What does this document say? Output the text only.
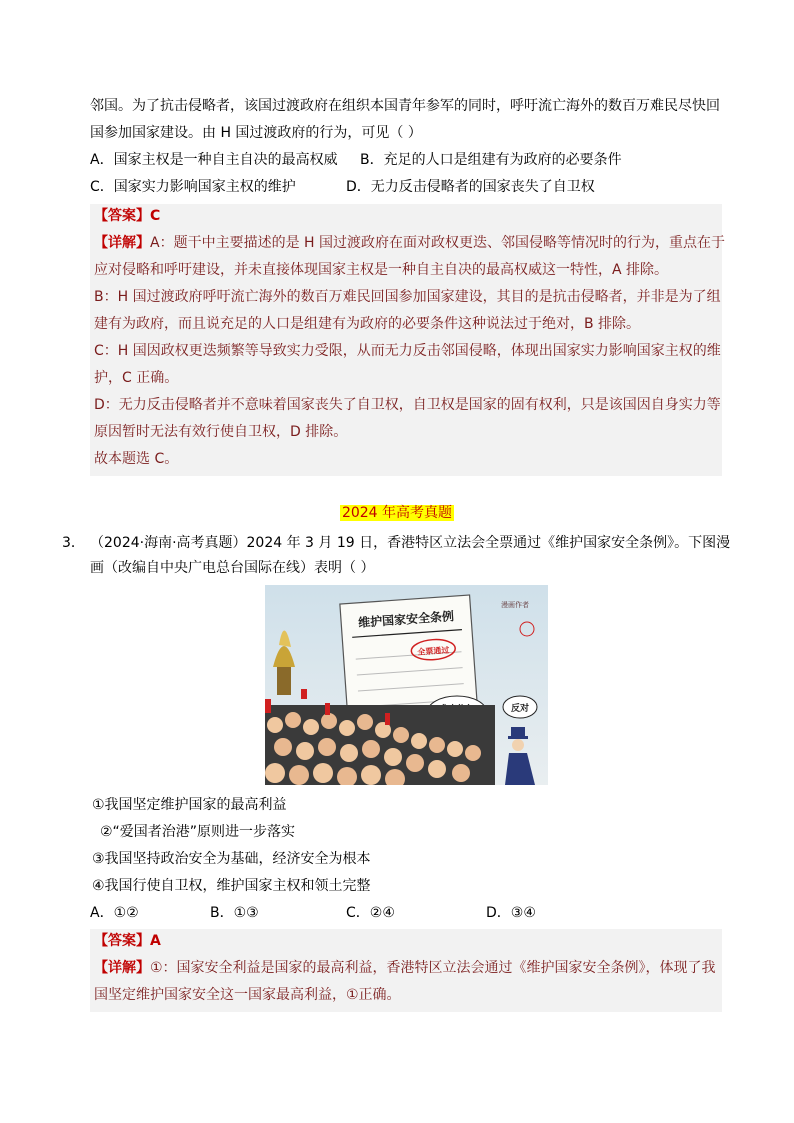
邻国。为了抗击侵略者，该国过渡政府在组织本国青年参军的同时，呼吁流亡海外的数百万难民尽快回
国参加国家建设。由 H 国过渡政府的行为，可见（ ）
A．国家主权是一种自主自决的最高权威 B．充足的人口是组建有为政府的必要条件
C．国家实力影响国家主权的维护	D．无力反击侵略者的国家丧失了自卫权
【答案】C
【详解】A：题干中主要描述的是 H 国过渡政府在面对政权更迭、邻国侵略等情况时的行为，重点在于
应对侵略和呼吁建设，并未直接体现国家主权是一种自主自决的最高权威这一特性，A 排除。
B：H 国过渡政府呼吁流亡海外的数百万难民回国参加国家建设，其目的是抗击侵略者，并非是为了组
建有为政府，而且说充足的人口是组建有为政府的必要条件这种说法过于绝对，B 排除。
C：H 国因政权更迭频繁等导致实力受限，从而无力反击邻国侵略，体现出国家实力影响国家主权的维
护，C 正确。
D：无力反击侵略者并不意味着国家丧失了自卫权，自卫权是国家的固有权利，只是该国因自身实力等
原因暂时无法有效行使自卫权，D 排除。
故本题选 C。
2024 年高考真题
3． （2024·海南·高考真题）2024 年 3 月 19 日，香港特区立法会全票通过《维护国家安全条例》。下图漫
画（改编自中央广电总台国际在线）表明（ ）
维护国家安全条例
全票通过
漫画作者
反对
①我国坚定维护国家的最高利益
②“爱国者治港”原则进一步落实
③我国坚持政治安全为基础，经济安全为根本
④我国行使自卫权，维护国家主权和领土完整
A．①②	B．①③	C．②④	D．③④
【答案】A
【详解】①：国家安全利益是国家的最高利益，香港特区立法会通过《维护国家安全条例》，体现了我
国坚定维护国家安全这一国家最高利益，①正确。
